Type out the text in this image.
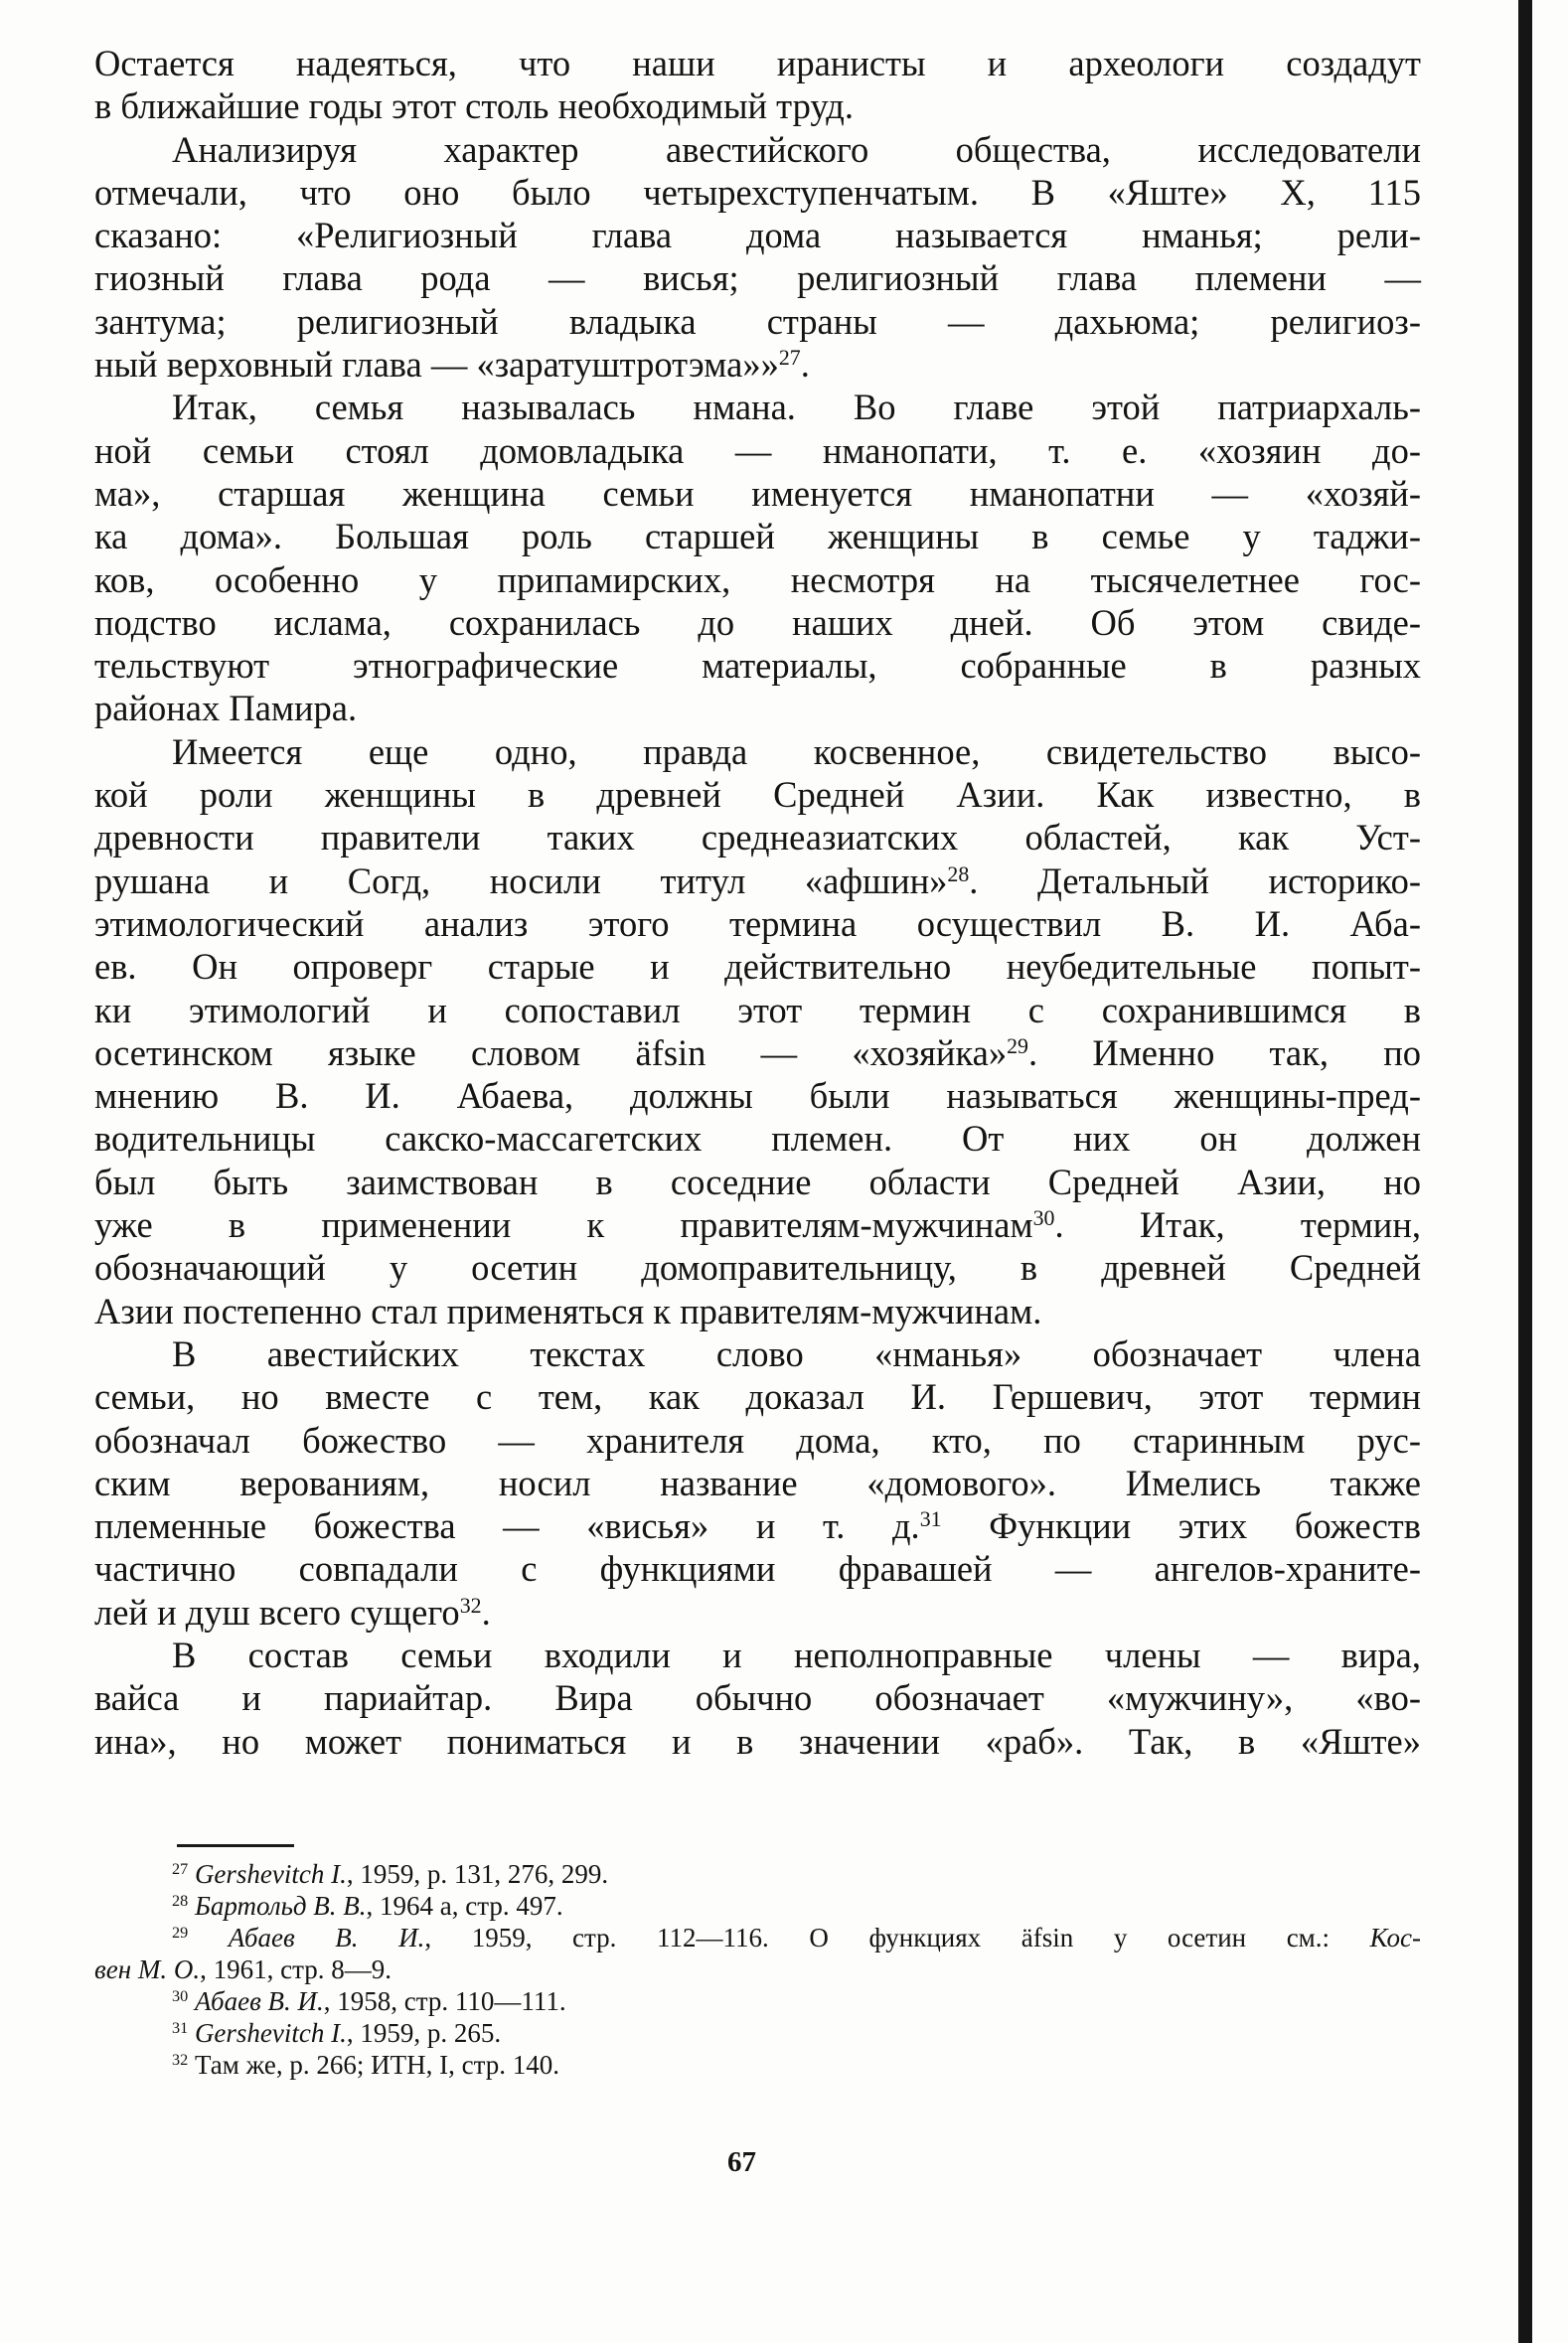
Остается надеяться, что наши иранисты и археологи создадут
в ближайшие годы этот столь необходимый труд.
Анализируя характер авестийского общества, исследователи
отмечали, что оно было четырехступенчатым. В «Яште» X, 115
сказано: «Религиозный глава дома называется нманья; рели-
гиозный глава рода — висья; религиозный глава племени —
зантума; религиозный владыка страны — дахьюма; религиоз-
ный верховный глава — «заратуштротэма»»$^{27}$.
Итак, семья называлась нмана. Во главе этой патриархаль-
ной семьи стоял домовладыка — нманопати, т. е. «хозяин до-
ма», старшая женщина семьи именуется нманопатни — «хозяй-
ка дома». Большая роль старшей женщины в семье у таджи-
ков, особенно у припамирских, несмотря на тысячелетнее гос-
подство ислама, сохранилась до наших дней. Об этом свиде-
тельствуют этнографические материалы, собранные в разных
районах Памира.
Имеется еще одно, правда косвенное, свидетельство высо-
кой роли женщины в древней Средней Азии. Как известно, в
древности правители таких среднеазиатских областей, как Уст-
рушана и Согд, носили титул «афшин»$^{28}$. Детальный историко-
этимологический анализ этого термина осуществил В. И. Аба-
ев. Он опроверг старые и действительно неубедительные попыт-
ки этимологий и сопоставил этот термин с сохранившимся в
осетинском языке словом äfsin — «хозяйка»$^{29}$. Именно так, по
мнению В. И. Абаева, должны были называться женщины-пред-
водительницы сакско-массагетских племен. От них он должен
был быть заимствован в соседние области Средней Азии, но
уже в применении к правителям-мужчинам$^{30}$. Итак, термин,
обозначающий у осетин домоправительницу, в древней Средней
Азии постепенно стал применяться к правителям-мужчинам.
В авестийских текстах слово «нманья» обозначает члена
семьи, но вместе с тем, как доказал И. Гершевич, этот термин
обозначал божество — хранителя дома, кто, по старинным рус-
ским верованиям, носил название «домового». Имелись также
племенные божества — «висья» и т. д.$^{31}$ Функции этих божеств
частично совпадали с функциями фравашей — ангелов-храните-
лей и душ всего сущего$^{32}$.
В состав семьи входили и неполноправные члены — вира,
вайса и париайтар. Вира обычно обозначает «мужчину», «во-
ина», но может пониматься и в значении «раб». Так, в «Яште»
$^{27}$ Gershevitch I., 1959, p. 131, 276, 299.
$^{28}$ Бартольд В. В., 1964 а, стр. 497.
$^{29}$ Абаев В. И., 1959, стр. 112—116. О функциях äfsin у осетин см.: Кос-
вен М. О., 1961, стр. 8—9.
$^{30}$ Абаев В. И., 1958, стр. 110—111.
$^{31}$ Gershevitch I., 1959, p. 265.
$^{32}$ Там же, p. 266; ИТН, I, стр. 140.
67
